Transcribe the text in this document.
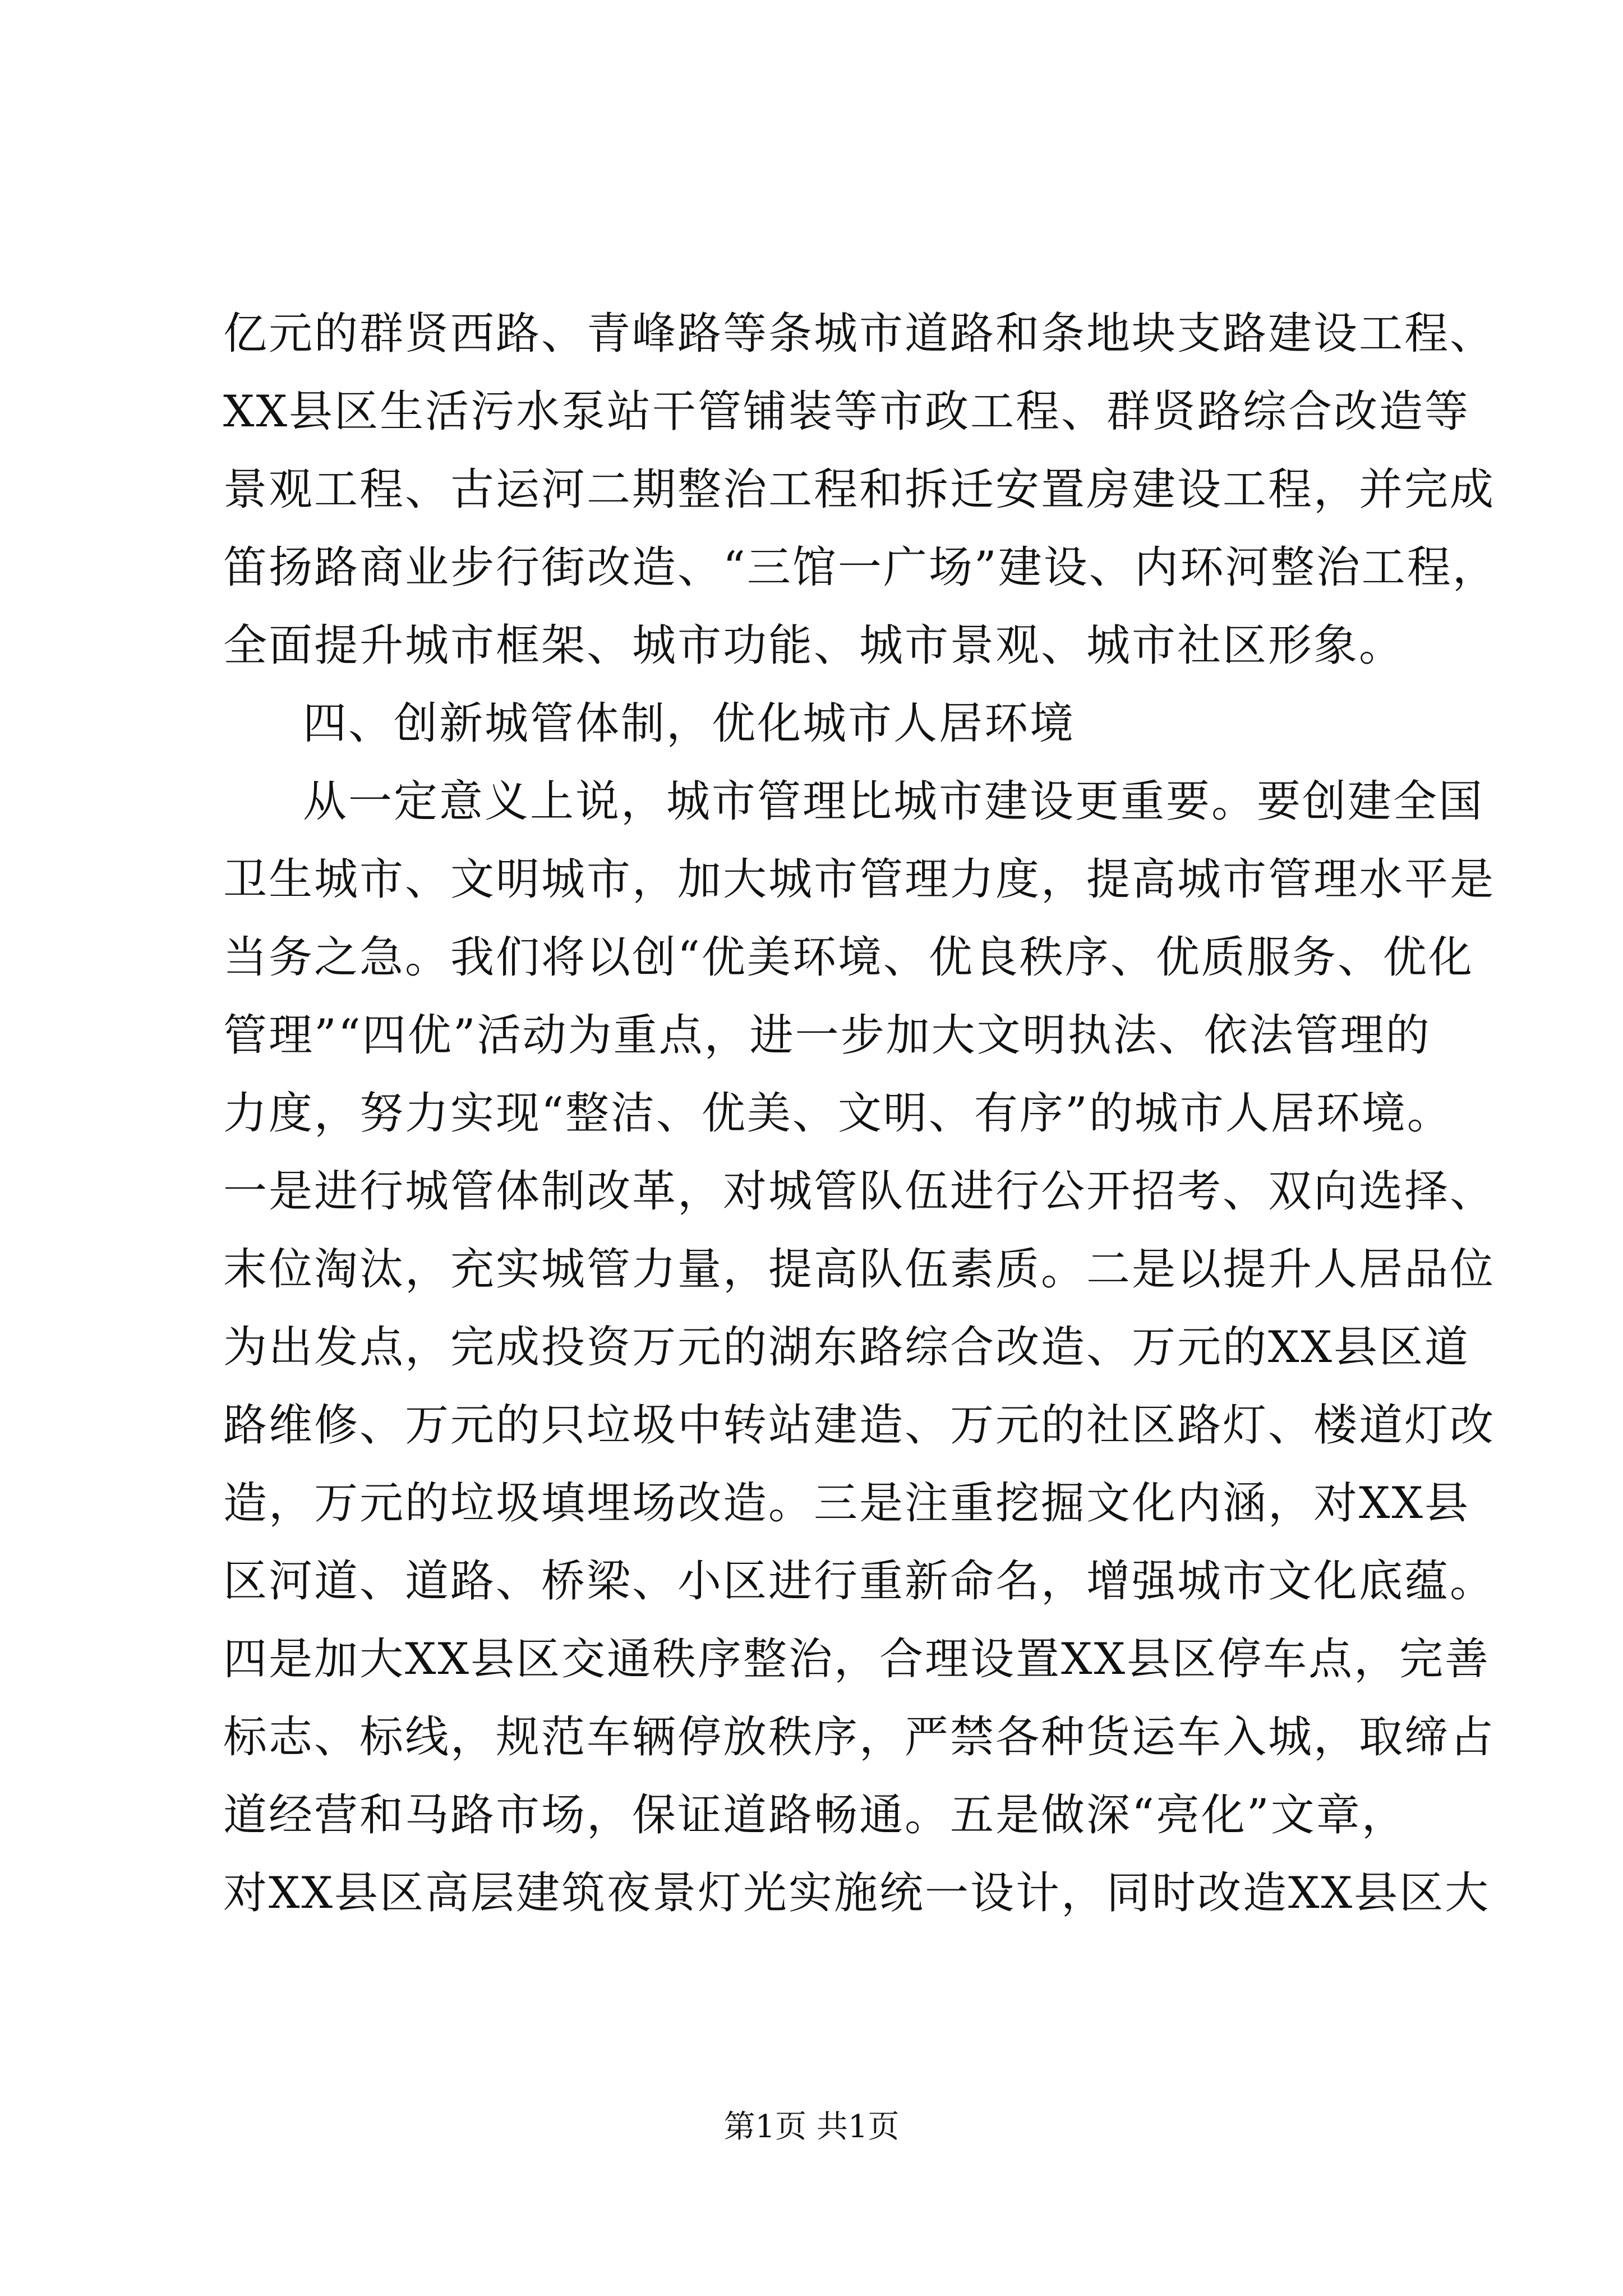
亿元的群贤西路、青峰路等条城市道路和条地块支路建设工程、
XX县区生活污水泵站干管铺装等市政工程、群贤路综合改造等
景观工程、古运河二期整治工程和拆迁安置房建设工程，并完成
笛扬路商业步行街改造、“三馆一广场”建设、内环河整治工程，
全面提升城市框架、城市功能、城市景观、城市社区形象。
四、创新城管体制，优化城市人居环境
从一定意义上说，城市管理比城市建设更重要。要创建全国
卫生城市、文明城市，加大城市管理力度，提高城市管理水平是
当务之急。我们将以创“优美环境、优良秩序、优质服务、优化
管理”“四优”活动为重点，进一步加大文明执法、依法管理的
力度，努力实现“整洁、优美、文明、有序”的城市人居环境。
一是进行城管体制改革，对城管队伍进行公开招考、双向选择、
末位淘汰，充实城管力量，提高队伍素质。二是以提升人居品位
为出发点，完成投资万元的湖东路综合改造、万元的XX县区道
路维修、万元的只垃圾中转站建造、万元的社区路灯、楼道灯改
造，万元的垃圾填埋场改造。三是注重挖掘文化内涵，对XX县
区河道、道路、桥梁、小区进行重新命名，增强城市文化底蕴。
四是加大XX县区交通秩序整治，合理设置XX县区停车点，完善
标志、标线，规范车辆停放秩序，严禁各种货运车入城，取缔占
道经营和马路市场，保证道路畅通。五是做深“亮化”文章，
对XX县区高层建筑夜景灯光实施统一设计，同时改造XX县区大
第1页 共1页
